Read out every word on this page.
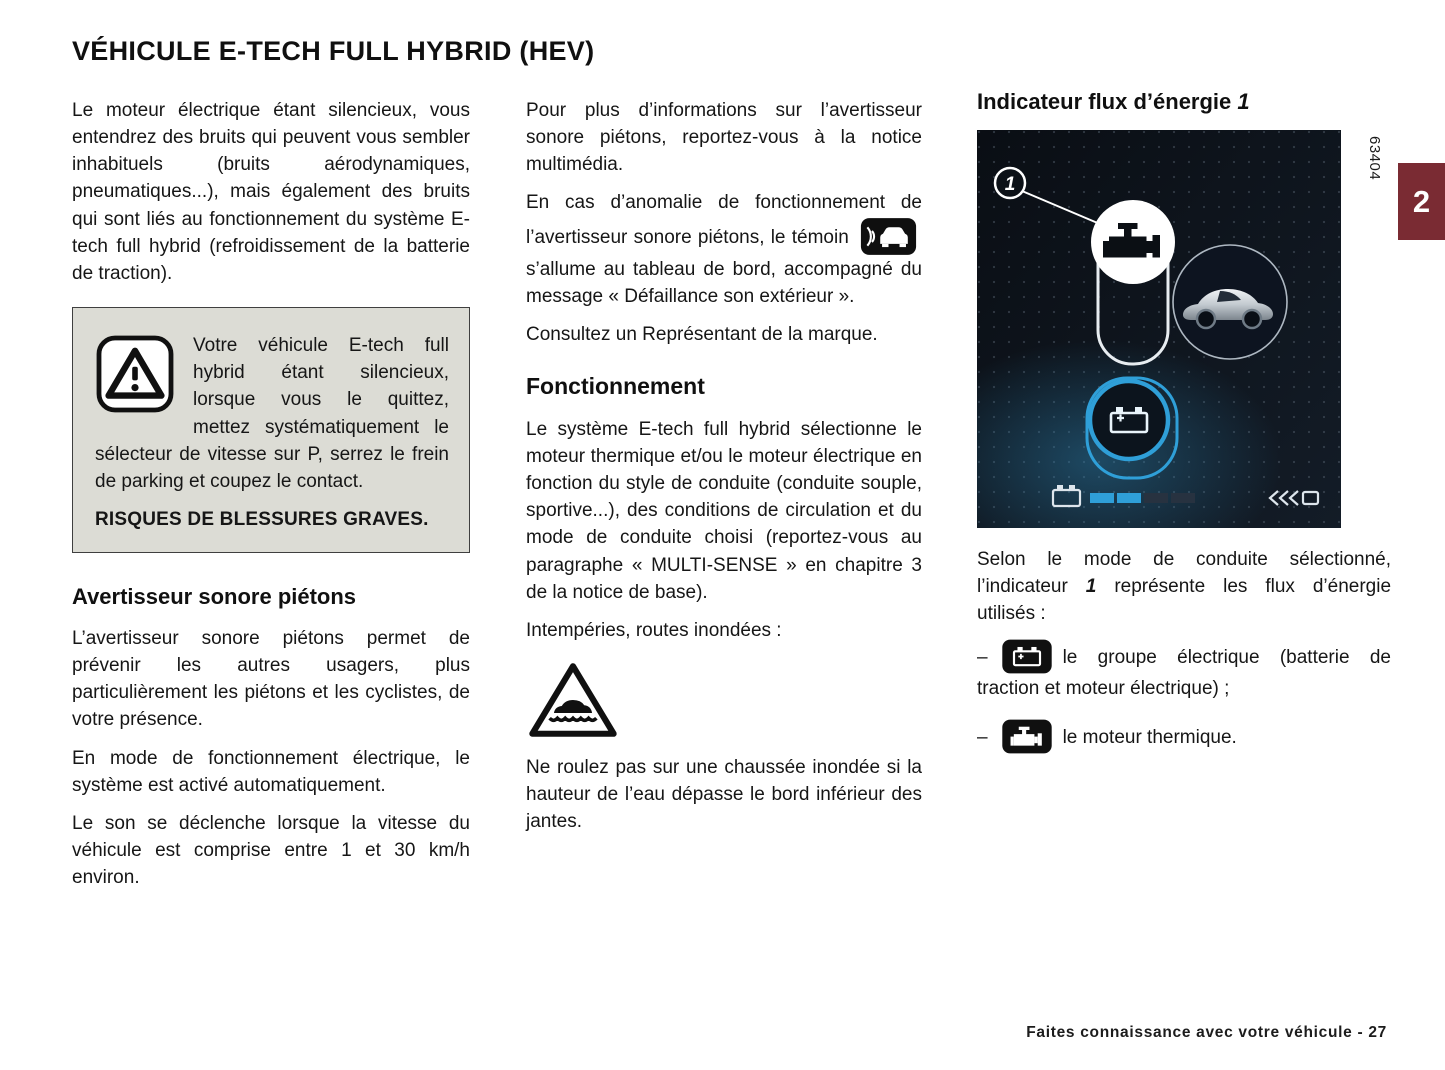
VÉHICULE E-TECH FULL HYBRID (HEV)
2

Le moteur électrique étant silencieux, vous entendrez des bruits qui peuvent vous sembler inhabituels (bruits aérodynamiques, pneumatiques...), mais également des bruits qui sont liés au fonctionnement du système E-tech full hybrid (refroidissement de la batterie de traction).

Votre véhicule E-tech full hybrid étant silencieux, lorsque vous le quittez, mettez systématiquement le sélecteur de vitesse sur P, serrez le frein de parking et coupez le contact.

RISQUES DE BLESSURES GRAVES.

Avertisseur sonore piétons

L’avertisseur sonore piétons permet de prévenir les autres usagers, plus particulièrement les piétons et les cyclistes, de votre présence.

En mode de fonctionnement électrique, le système est activé automatiquement.

Le son se déclenche lorsque la vitesse du véhicule est comprise entre 1 et 30 km/h environ.

Pour plus d’informations sur l’avertisseur sonore piétons, reportez-vous à la notice multimédia.

En cas d’anomalie de fonctionnement de l’avertisseur sonore piétons, le témoin
s’allume au tableau de bord, accompagné du message « Défaillance son extérieur ».

Consultez un Représentant de la marque.

Fonctionnement

Le système E-tech full hybrid sélectionne le moteur thermique et/ou le moteur électrique en fonction du style de conduite (conduite souple, sportive...), des conditions de circulation et du mode de conduite choisi (reportez-vous au paragraphe « MULTI-SENSE » en chapitre 3 de la notice de base).

Intempéries, routes inondées :

Ne roulez pas sur une chaussée inondée si la hauteur de l’eau dépasse le bord inférieur des jantes.

Indicateur flux d’énergie 1
1
63404

Selon le mode de conduite sélectionné, l’indicateur 1 représente les flux d’énergie utilisés :

–	le groupe électrique (batterie de traction et moteur électrique) ;

–	le moteur thermique.

Faites connaissance avec votre véhicule - 27
